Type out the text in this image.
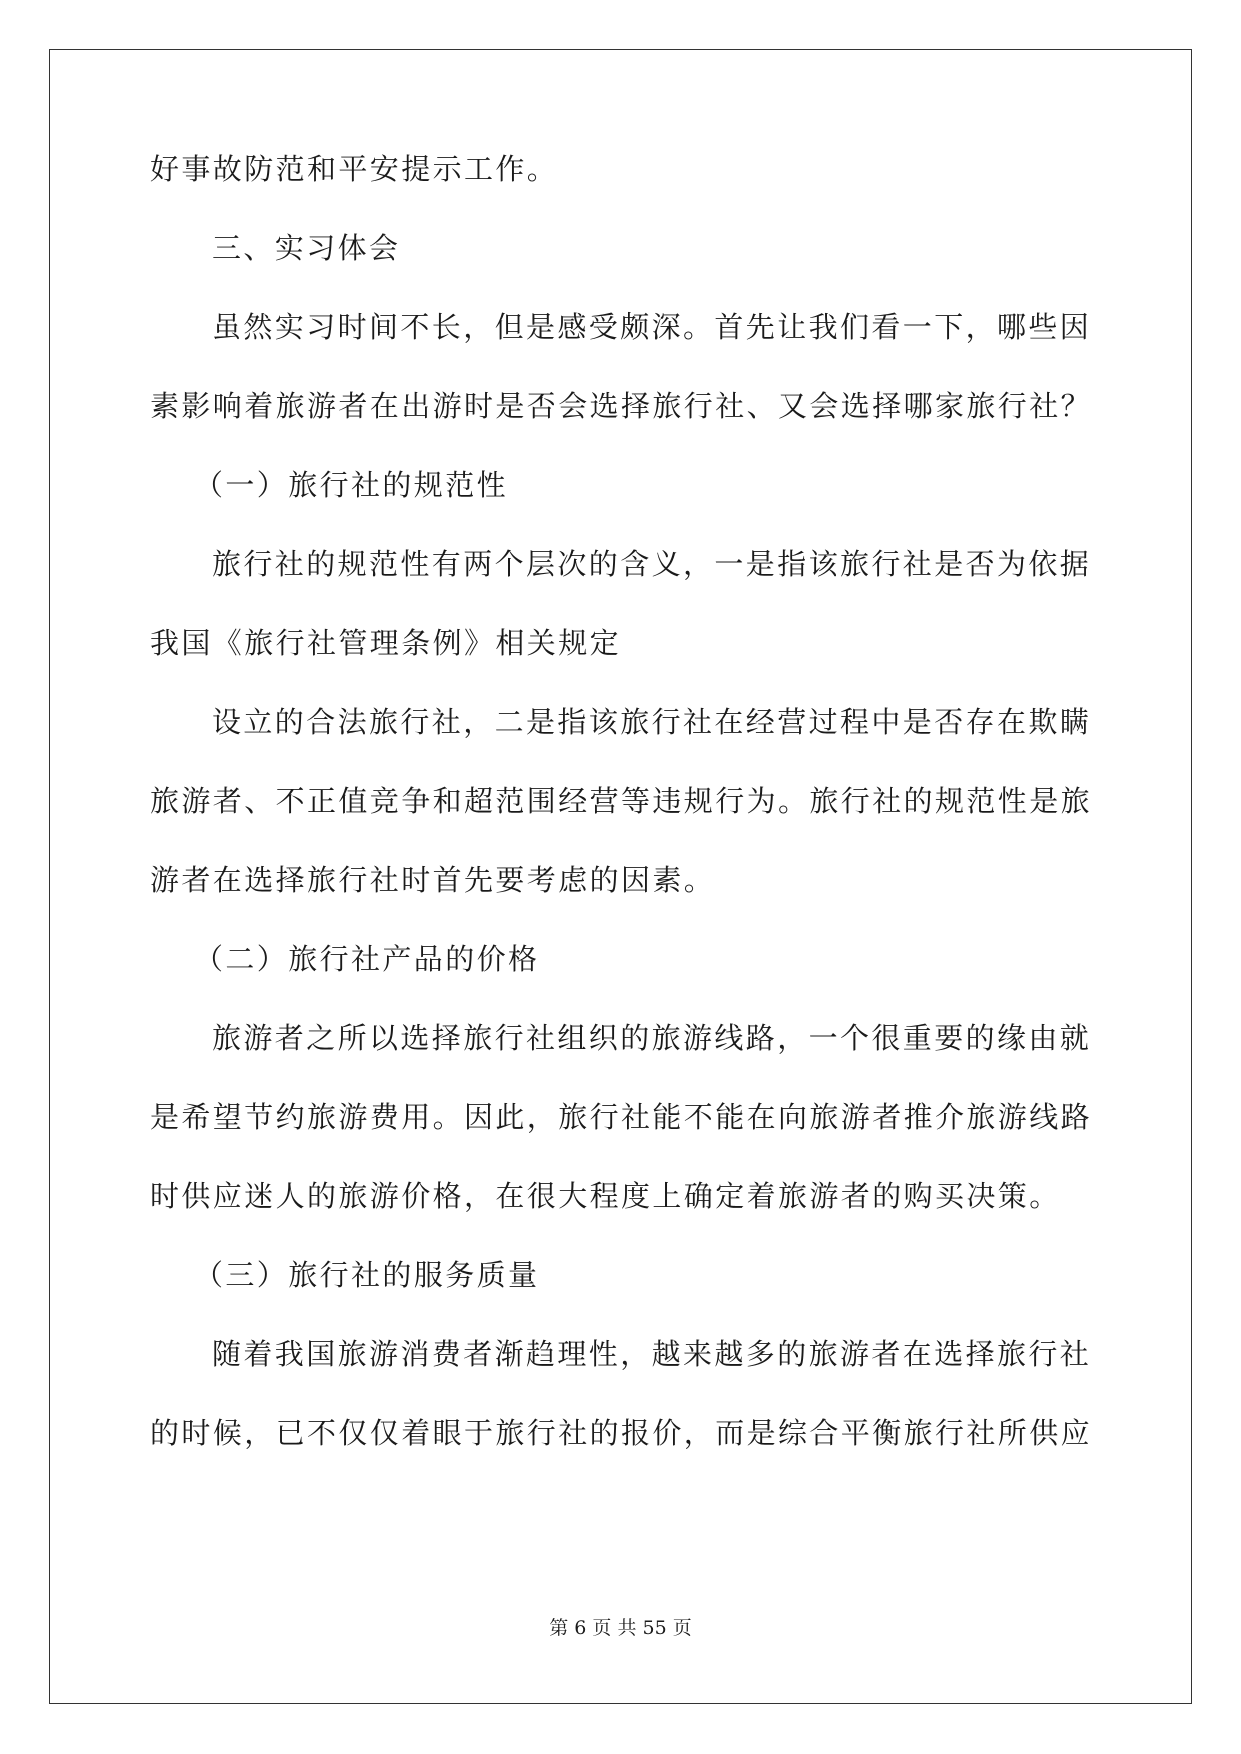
好事故防范和平安提示工作。

三、实习体会

虽然实习时间不长，但是感受颇深。首先让我们看一下，哪些因

素影响着旅游者在出游时是否会选择旅行社、又会选择哪家旅行社？

（一）旅行社的规范性

旅行社的规范性有两个层次的含义，一是指该旅行社是否为依据

我国《旅行社管理条例》相关规定

设立的合法旅行社，二是指该旅行社在经营过程中是否存在欺瞒

旅游者、不正值竞争和超范围经营等违规行为。旅行社的规范性是旅

游者在选择旅行社时首先要考虑的因素。

（二）旅行社产品的价格

旅游者之所以选择旅行社组织的旅游线路，一个很重要的缘由就

是希望节约旅游费用。因此，旅行社能不能在向旅游者推介旅游线路

时供应迷人的旅游价格，在很大程度上确定着旅游者的购买决策。

（三）旅行社的服务质量

随着我国旅游消费者渐趋理性，越来越多的旅游者在选择旅行社

的时候，已不仅仅着眼于旅行社的报价，而是综合平衡旅行社所供应

第 6 页 共 55 页
